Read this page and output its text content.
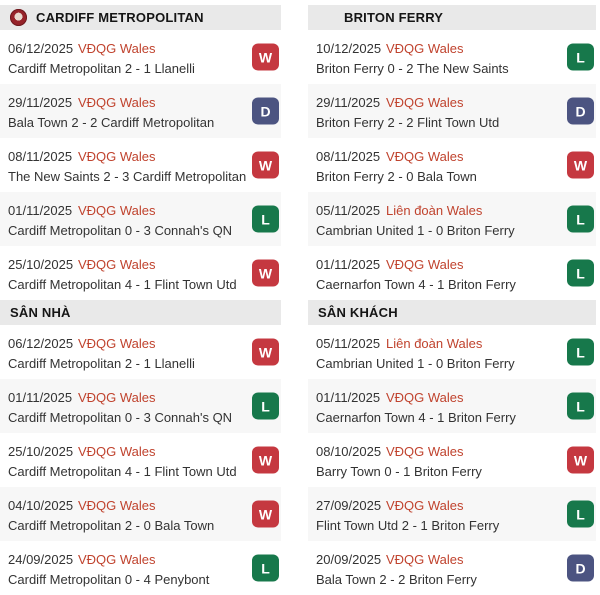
CARDIFF METROPOLITAN
06/12/2025 VĐQG Wales
Cardiff Metropolitan 2 - 1 Llanelli
W
29/11/2025 VĐQG Wales
Bala Town 2 - 2 Cardiff Metropolitan
D
08/11/2025 VĐQG Wales
The New Saints 2 - 3 Cardiff Metropolitan
W
01/11/2025 VĐQG Wales
Cardiff Metropolitan 0 - 3 Connah's QN
L
25/10/2025 VĐQG Wales
Cardiff Metropolitan 4 - 1 Flint Town Utd
W
SÂN NHÀ
06/12/2025 VĐQG Wales
Cardiff Metropolitan 2 - 1 Llanelli
W
01/11/2025 VĐQG Wales
Cardiff Metropolitan 0 - 3 Connah's QN
L
25/10/2025 VĐQG Wales
Cardiff Metropolitan 4 - 1 Flint Town Utd
W
04/10/2025 VĐQG Wales
Cardiff Metropolitan 2 - 0 Bala Town
W
24/09/2025 VĐQG Wales
Cardiff Metropolitan 0 - 4 Penybont
L
BRITON FERRY
10/12/2025 VĐQG Wales
Briton Ferry 0 - 2 The New Saints
L
29/11/2025 VĐQG Wales
Briton Ferry 2 - 2 Flint Town Utd
D
08/11/2025 VĐQG Wales
Briton Ferry 2 - 0 Bala Town
W
05/11/2025 Liên đoàn Wales
Cambrian United 1 - 0 Briton Ferry
L
01/11/2025 VĐQG Wales
Caernarfon Town 4 - 1 Briton Ferry
L
SÂN KHÁCH
05/11/2025 Liên đoàn Wales
Cambrian United 1 - 0 Briton Ferry
L
01/11/2025 VĐQG Wales
Caernarfon Town 4 - 1 Briton Ferry
L
08/10/2025 VĐQG Wales
Barry Town 0 - 1 Briton Ferry
W
27/09/2025 VĐQG Wales
Flint Town Utd 2 - 1 Briton Ferry
L
20/09/2025 VĐQG Wales
Bala Town 2 - 2 Briton Ferry
D
